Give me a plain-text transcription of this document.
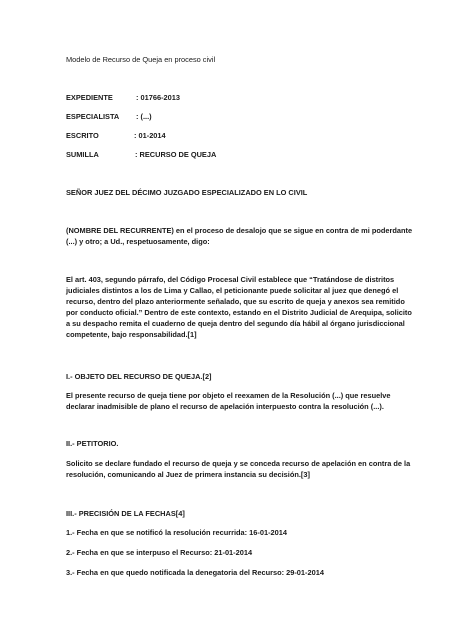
Modelo de Recurso de Queja en proceso civil
EXPEDIENTE	: 01766-2013
ESPECIALISTA : (...)
ESCRITO	: 01-2014
SUMILLA	: RECURSO DE QUEJA
SEÑOR JUEZ DEL DÉCIMO JUZGADO ESPECIALIZADO EN LO CIVIL
(NOMBRE DEL RECURRENTE) en el proceso de desalojo que se sigue en contra de mi poderdante (...) y otro; a Ud., respetuosamente, digo:
El art. 403, segundo párrafo, del Código Procesal Civil establece que “Tratándose de distritos judiciales distintos a los de Lima y Callao, el peticionante puede solicitar al juez que denegó el recurso, dentro del plazo anteriormente señalado, que su escrito de queja y anexos sea remitido por conducto oficial.” Dentro de este contexto, estando en el Distrito Judicial de Arequipa, solicito a su despacho remita el cuaderno de queja dentro del segundo día hábil al órgano jurisdiccional competente, bajo responsabilidad.[1]
I.- OBJETO DEL RECURSO DE QUEJA.[2]
El presente recurso de queja tiene por objeto el reexamen de la Resolución (...) que resuelve declarar inadmisible de plano el recurso de apelación interpuesto contra la resolución (...).
II.- PETITORIO.
Solicito se declare fundado el recurso de queja y se conceda recurso de apelación en contra de la resolución, comunicando al Juez de primera instancia su decisión.[3]
III.- PRECISIÓN DE LA FECHAS[4]
1.- Fecha en que se notificó la resolución recurrida: 16-01-2014
2.- Fecha en que se interpuso el Recurso: 21-01-2014
3.- Fecha en que quedo notificada la denegatoria del Recurso: 29-01-2014
